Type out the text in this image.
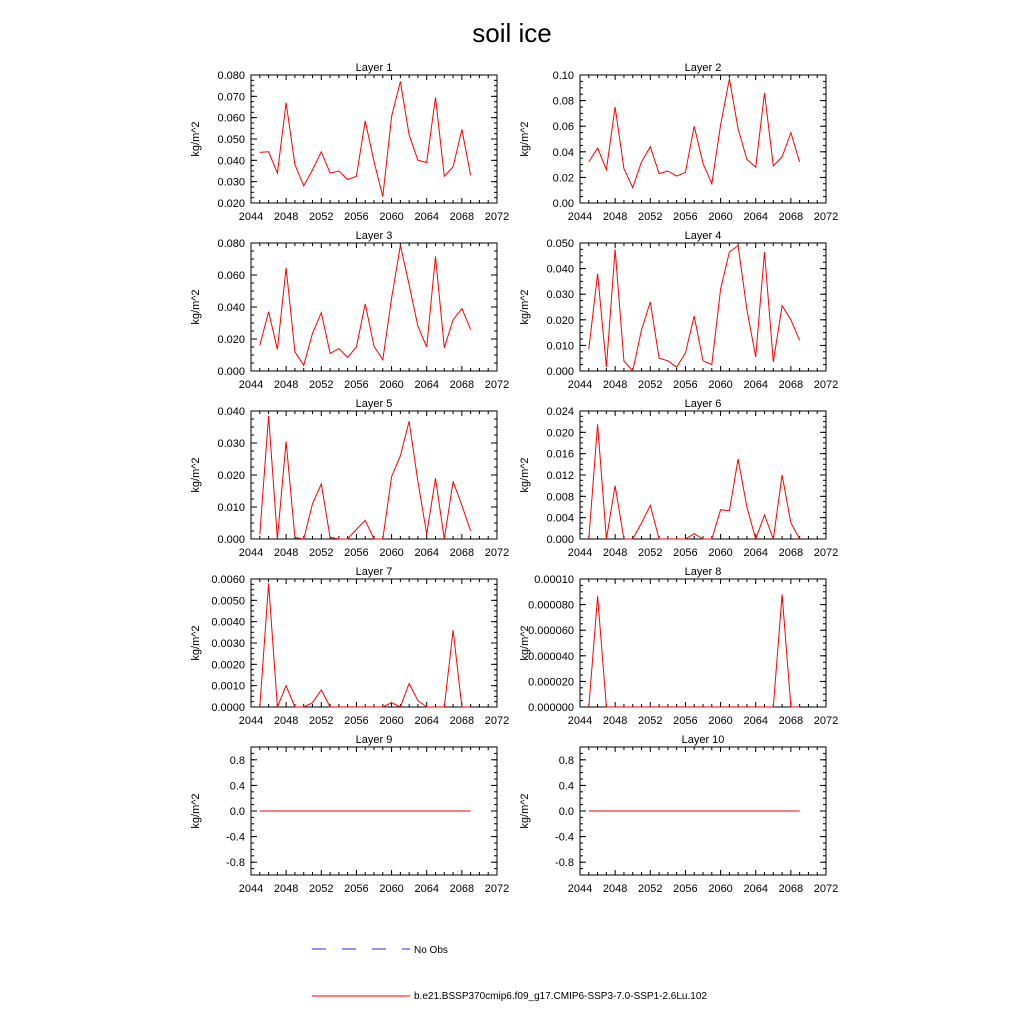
soil ice
Layer 1
kg/m^2
0.020
0.030
0.040
0.050
0.060
0.070
0.080
2044 2048 2052 2056 2060 2064 2068 2072
Layer 2
kg/m^2
0.00
0.02
0.04
0.06
0.08
0.10
2044 2048 2052 2056 2060 2064 2068 2072
Layer 3
kg/m^2
0.000
0.020
0.040
0.060
0.080
2044 2048 2052 2056 2060 2064 2068 2072
Layer 4
kg/m^2
0.000
0.010
0.020
0.030
0.040
0.050
2044 2048 2052 2056 2060 2064 2068 2072
Layer 5
kg/m^2
0.000
0.010
0.020
0.030
0.040
2044 2048 2052 2056 2060 2064 2068 2072
Layer 6
kg/m^2
0.000
0.004
0.008
0.012
0.016
0.020
0.024
2044 2048 2052 2056 2060 2064 2068 2072
Layer 7
kg/m^2
0.0000
0.0010
0.0020
0.0030
0.0040
0.0050
0.0060
2044 2048 2052 2056 2060 2064 2068 2072
Layer 8
kg/m^2
0.000000
0.000020
0.000040
0.000060
0.000080
0.00010
2044 2048 2052 2056 2060 2064 2068 2072
Layer 9
kg/m^2
-0.8
-0.4
0.0
0.4
0.8
2044 2048 2052 2056 2060 2064 2068 2072
Layer 10
kg/m^2
-0.8
-0.4
0.0
0.4
0.8
2044 2048 2052 2056 2060 2064 2068 2072
No Obs
b.e21.BSSP370cmip6.f09_g17.CMIP6-SSP3-7.0-SSP1-2.6Lu.102
